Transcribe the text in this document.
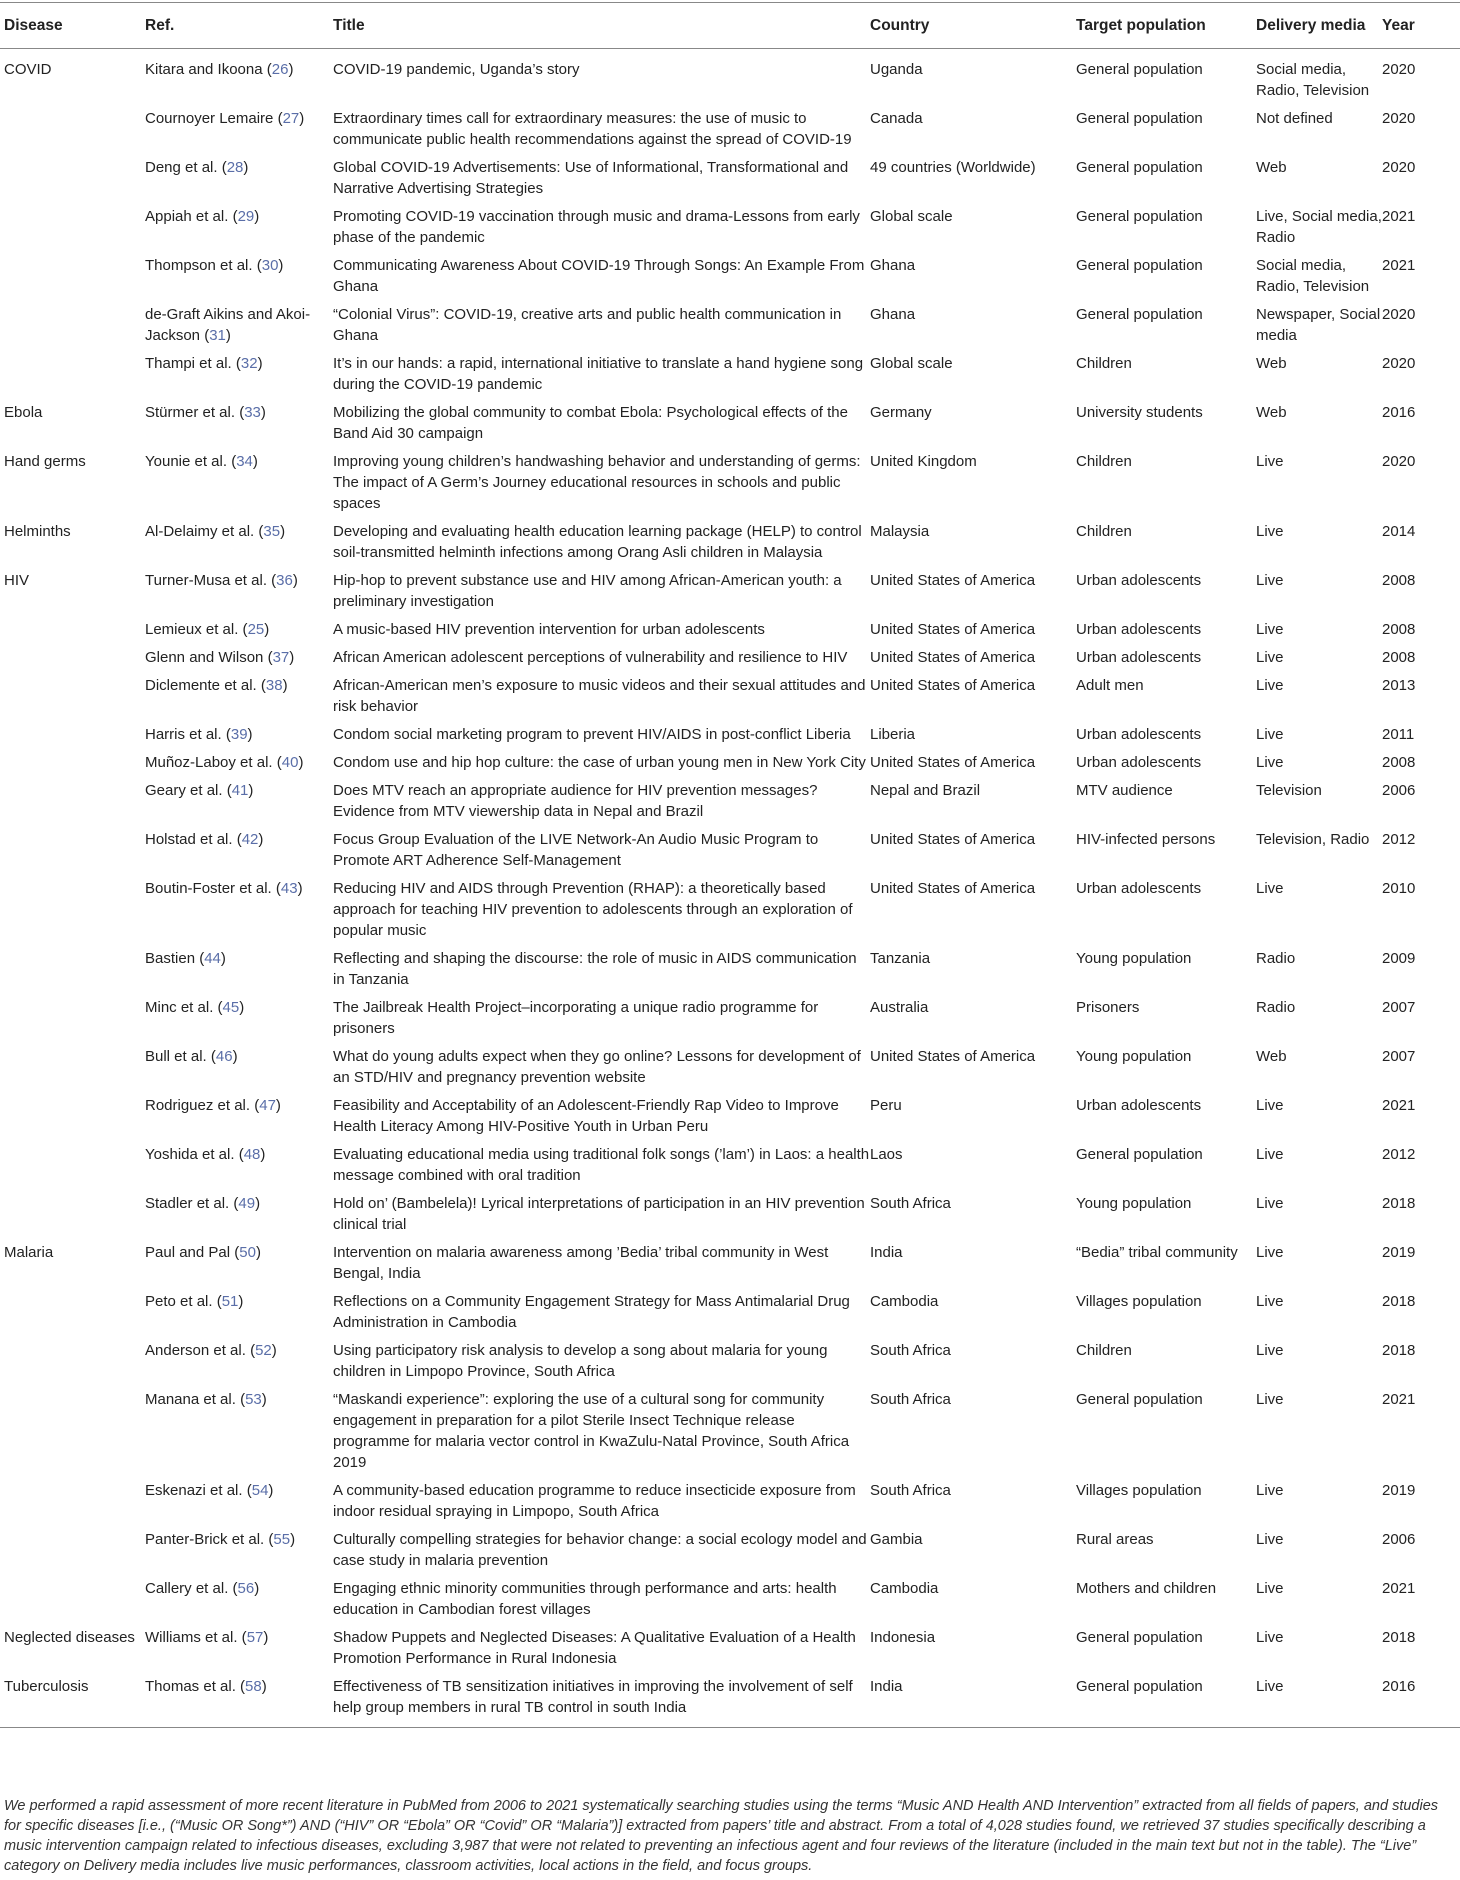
Disease	Ref.	Title	Country	Target population	Delivery media	Year
COVID	Kitara and Ikoona (26)	COVID-19 pandemic, Uganda’s story	Uganda	General population	Social media, Radio, Television	2020
	Cournoyer Lemaire (27)	Extraordinary times call for extraordinary measures: the use of music to communicate public health recommendations against the spread of COVID-19	Canada	General population	Not defined	2020
	Deng et al. (28)	Global COVID-19 Advertisements: Use of Informational, Transformational and Narrative Advertising Strategies	49 countries (Worldwide)	General population	Web	2020
	Appiah et al. (29)	Promoting COVID-19 vaccination through music and drama-Lessons from early phase of the pandemic	Global scale	General population	Live, Social media, Radio	2021
	Thompson et al. (30)	Communicating Awareness About COVID-19 Through Songs: An Example From Ghana	Ghana	General population	Social media, Radio, Television	2021
	de-Graft Aikins and Akoi-Jackson (31)	“Colonial Virus”: COVID-19, creative arts and public health communication in Ghana	Ghana	General population	Newspaper, Social media	2020
	Thampi et al. (32)	It’s in our hands: a rapid, international initiative to translate a hand hygiene song during the COVID-19 pandemic	Global scale	Children	Web	2020
Ebola	Stürmer et al. (33)	Mobilizing the global community to combat Ebola: Psychological effects of the Band Aid 30 campaign	Germany	University students	Web	2016
Hand germs	Younie et al. (34)	Improving young children’s handwashing behavior and understanding of germs: The impact of A Germ’s Journey educational resources in schools and public spaces	United Kingdom	Children	Live	2020
Helminths	Al-Delaimy et al. (35)	Developing and evaluating health education learning package (HELP) to control soil-transmitted helminth infections among Orang Asli children in Malaysia	Malaysia	Children	Live	2014
HIV	Turner-Musa et al. (36)	Hip-hop to prevent substance use and HIV among African-American youth: a preliminary investigation	United States of America	Urban adolescents	Live	2008
	Lemieux et al. (25)	A music-based HIV prevention intervention for urban adolescents	United States of America	Urban adolescents	Live	2008
	Glenn and Wilson (37)	African American adolescent perceptions of vulnerability and resilience to HIV	United States of America	Urban adolescents	Live	2008
	Diclemente et al. (38)	African-American men’s exposure to music videos and their sexual attitudes and risk behavior	United States of America	Adult men	Live	2013
	Harris et al. (39)	Condom social marketing program to prevent HIV/AIDS in post-conflict Liberia	Liberia	Urban adolescents	Live	2011
	Muñoz-Laboy et al. (40)	Condom use and hip hop culture: the case of urban young men in New York City	United States of America	Urban adolescents	Live	2008
	Geary et al. (41)	Does MTV reach an appropriate audience for HIV prevention messages? Evidence from MTV viewership data in Nepal and Brazil	Nepal and Brazil	MTV audience	Television	2006
	Holstad et al. (42)	Focus Group Evaluation of the LIVE Network-An Audio Music Program to Promote ART Adherence Self-Management	United States of America	HIV-infected persons	Television, Radio	2012
	Boutin-Foster et al. (43)	Reducing HIV and AIDS through Prevention (RHAP): a theoretically based approach for teaching HIV prevention to adolescents through an exploration of popular music	United States of America	Urban adolescents	Live	2010
	Bastien (44)	Reflecting and shaping the discourse: the role of music in AIDS communication in Tanzania	Tanzania	Young population	Radio	2009
	Minc et al. (45)	The Jailbreak Health Project–incorporating a unique radio programme for prisoners	Australia	Prisoners	Radio	2007
	Bull et al. (46)	What do young adults expect when they go online? Lessons for development of an STD/HIV and pregnancy prevention website	United States of America	Young population	Web	2007
	Rodriguez et al. (47)	Feasibility and Acceptability of an Adolescent-Friendly Rap Video to Improve Health Literacy Among HIV-Positive Youth in Urban Peru	Peru	Urban adolescents	Live	2021
	Yoshida et al. (48)	Evaluating educational media using traditional folk songs (’lam’) in Laos: a health message combined with oral tradition	Laos	General population	Live	2012
	Stadler et al. (49)	Hold on’ (Bambelela)! Lyrical interpretations of participation in an HIV prevention clinical trial	South Africa	Young population	Live	2018
Malaria	Paul and Pal (50)	Intervention on malaria awareness among ’Bedia’ tribal community in West Bengal, India	India	“Bedia” tribal community	Live	2019
	Peto et al. (51)	Reflections on a Community Engagement Strategy for Mass Antimalarial Drug Administration in Cambodia	Cambodia	Villages population	Live	2018
	Anderson et al. (52)	Using participatory risk analysis to develop a song about malaria for young children in Limpopo Province, South Africa	South Africa	Children	Live	2018
	Manana et al. (53)	“Maskandi experience”: exploring the use of a cultural song for community engagement in preparation for a pilot Sterile Insect Technique release programme for malaria vector control in KwaZulu-Natal Province, South Africa 2019	South Africa	General population	Live	2021
	Eskenazi et al. (54)	A community-based education programme to reduce insecticide exposure from indoor residual spraying in Limpopo, South Africa	South Africa	Villages population	Live	2019
	Panter-Brick et al. (55)	Culturally compelling strategies for behavior change: a social ecology model and case study in malaria prevention	Gambia	Rural areas	Live	2006
	Callery et al. (56)	Engaging ethnic minority communities through performance and arts: health education in Cambodian forest villages	Cambodia	Mothers and children	Live	2021
Neglected diseases	Williams et al. (57)	Shadow Puppets and Neglected Diseases: A Qualitative Evaluation of a Health Promotion Performance in Rural Indonesia	Indonesia	General population	Live	2018
Tuberculosis	Thomas et al. (58)	Effectiveness of TB sensitization initiatives in improving the involvement of self help group members in rural TB control in south India	India	General population	Live	2016

We performed a rapid assessment of more recent literature in PubMed from 2006 to 2021 systematically searching studies using the terms “Music AND Health AND Intervention” extracted from all fields of papers, and studies for specific diseases [i.e., (“Music OR Song*”) AND (“HIV” OR “Ebola” OR “Covid” OR “Malaria”)] extracted from papers’ title and abstract. From a total of 4,028 studies found, we retrieved 37 studies specifically describing a music intervention campaign related to infectious diseases, excluding 3,987 that were not related to preventing an infectious agent and four reviews of the literature (included in the main text but not in the table). The “Live” category on Delivery media includes live music performances, classroom activities, local actions in the field, and focus groups.
